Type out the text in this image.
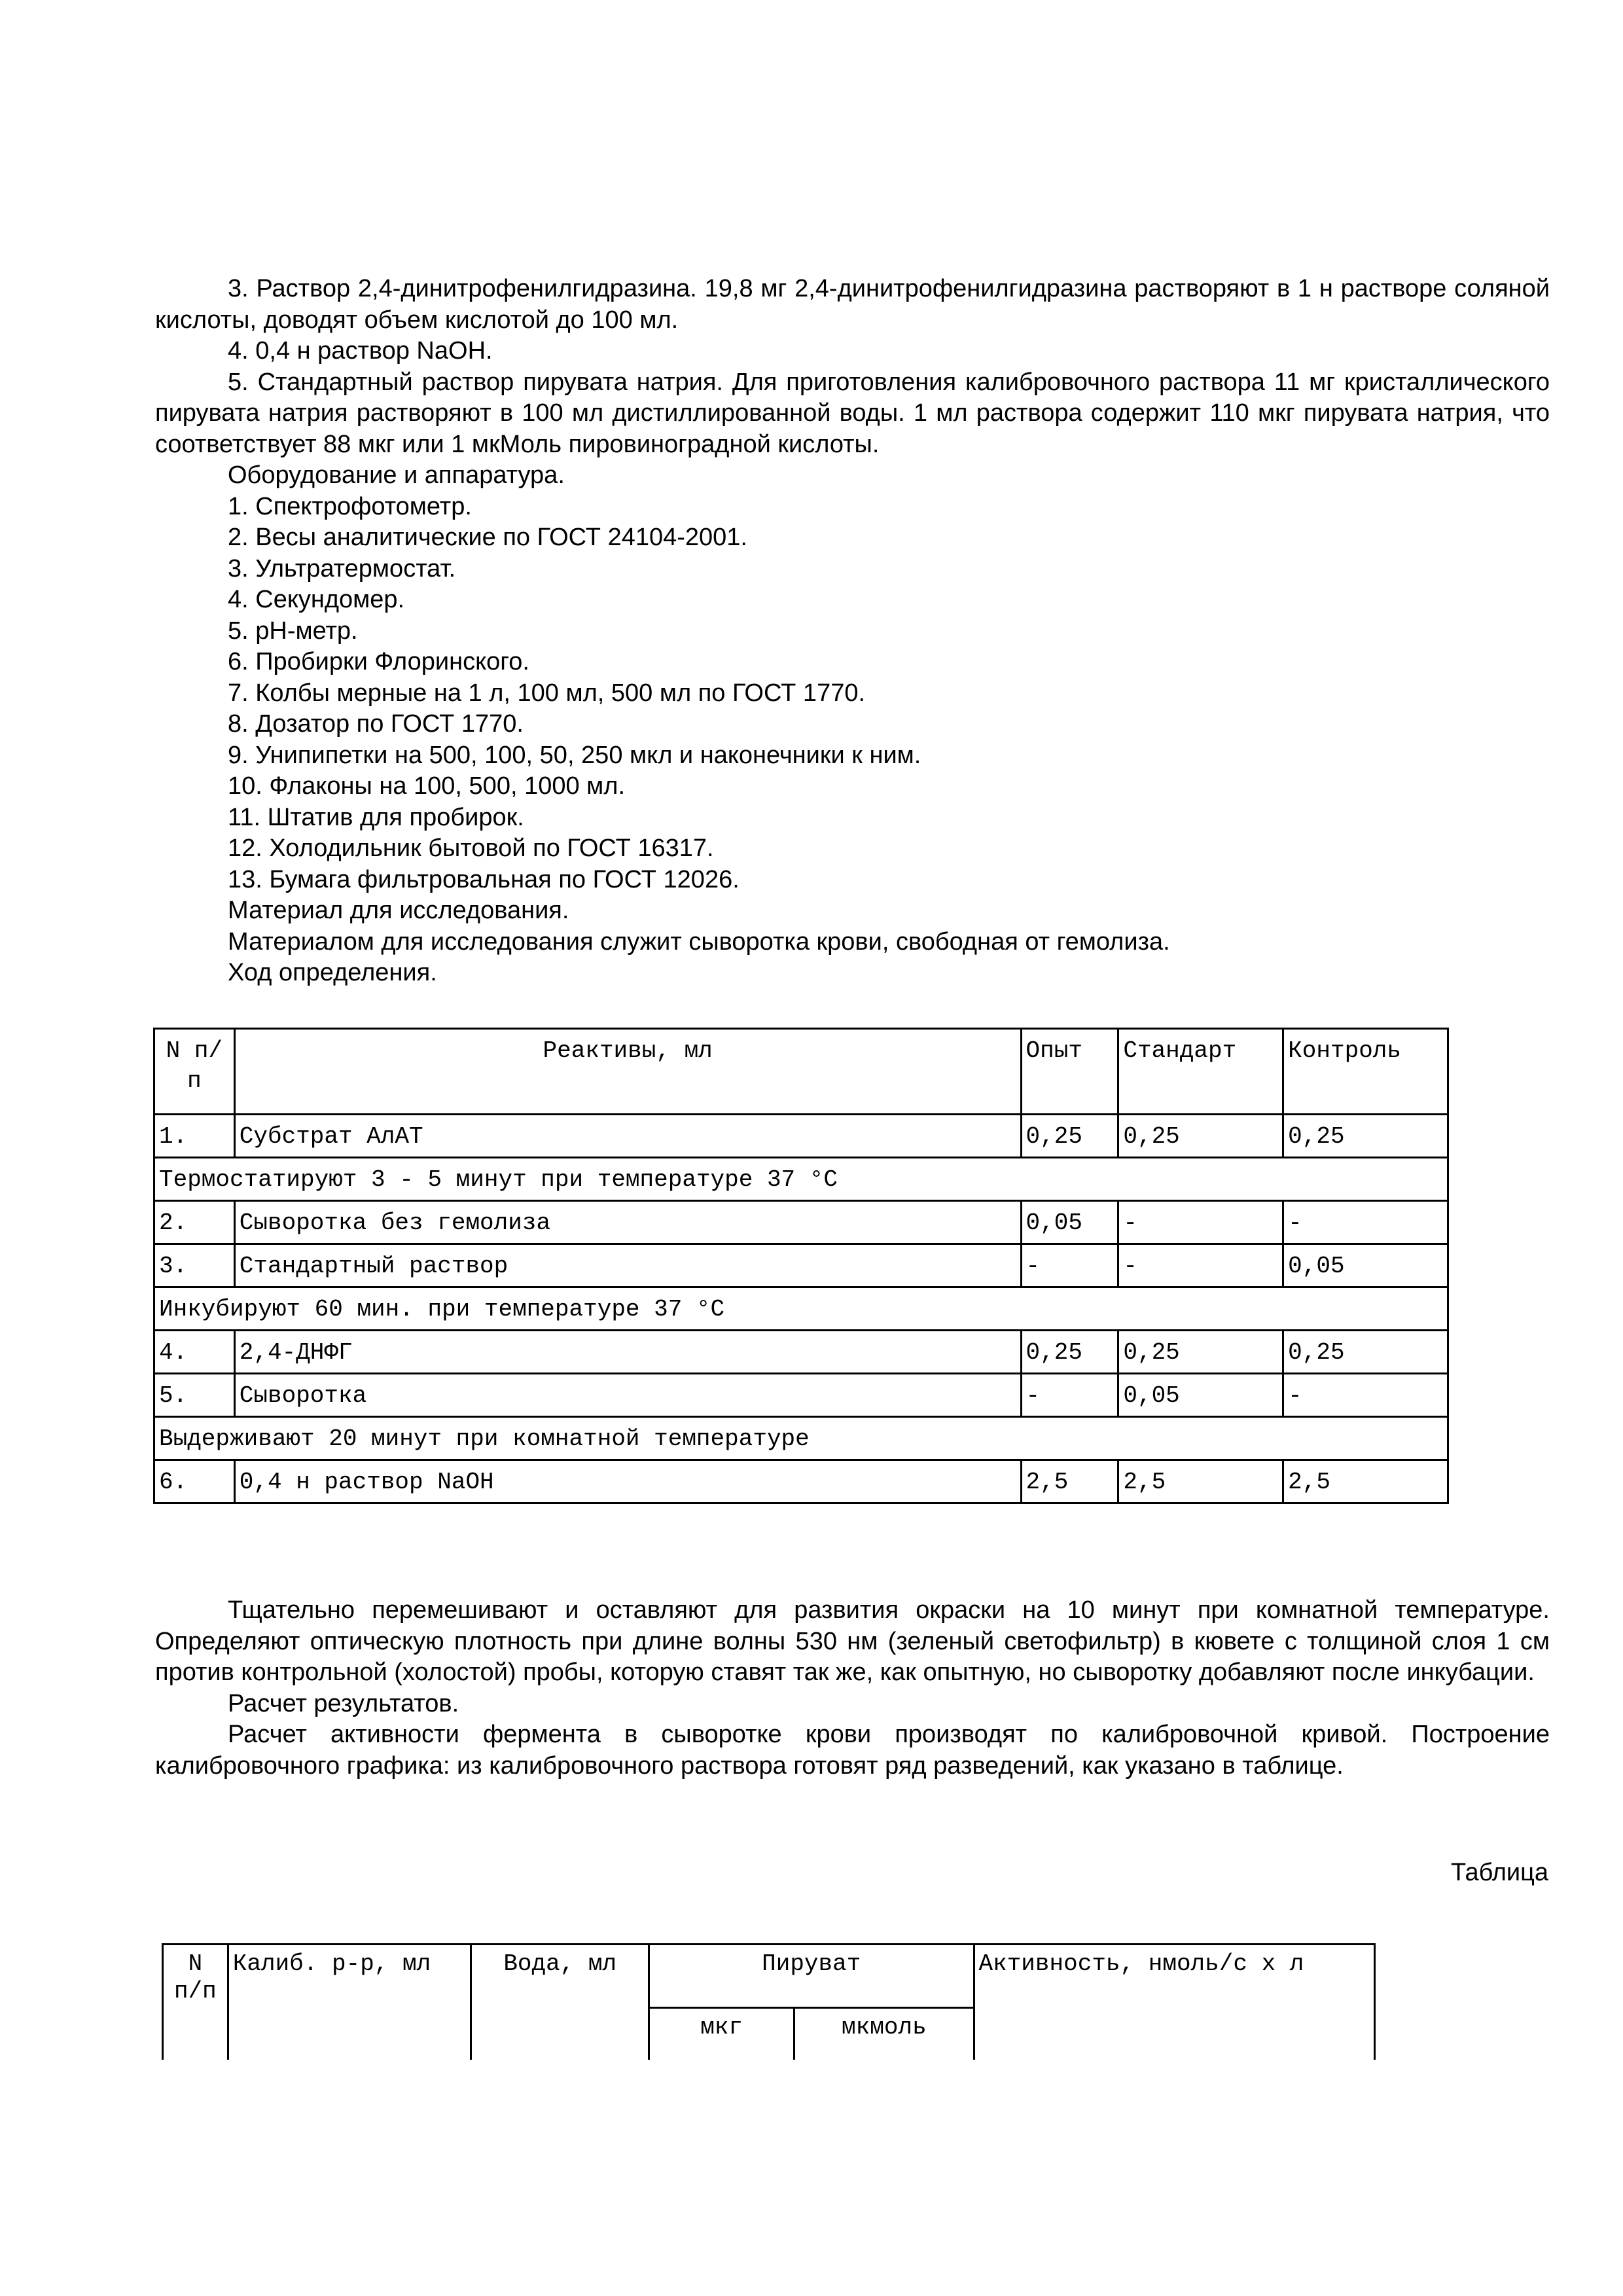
3. Раствор 2,4-динитрофенилгидразина. 19,8 мг 2,4-динитрофенилгидразина растворяют в 1 н растворе соляной кислоты, доводят объем кислотой до 100 мл.

4. 0,4 н раствор NaOH.

5. Стандартный раствор пирувата натрия. Для приготовления калибровочного раствора 11 мг кристаллического пирувата натрия растворяют в 100 мл дистиллированной воды. 1 мл раствора содержит 110 мкг пирувата натрия, что соответствует 88 мкг или 1 мкМоль пировиноградной кислоты.

Оборудование и аппаратура.

1. Спектрофотометр.

2. Весы аналитические по ГОСТ 24104-2001.

3. Ультратермостат.

4. Секундомер.

5. рН-метр.

6. Пробирки Флоринского.

7. Колбы мерные на 1 л, 100 мл, 500 мл по ГОСТ 1770.

8. Дозатор по ГОСТ 1770.

9. Унипипетки на 500, 100, 50, 250 мкл и наконечники к ним.

10. Флаконы на 100, 500, 1000 мл.

11. Штатив для пробирок.

12. Холодильник бытовой по ГОСТ 16317.

13. Бумага фильтровальная по ГОСТ 12026.

Материал для исследования.

Материалом для исследования служит сыворотка крови, свободная от гемолиза.

Ход определения.

N п/п	Реактивы, мл	Опыт	Стандарт	Контроль
1.	Субстрат АлАТ	0,25	0,25	0,25
Термостатируют 3 - 5 минут при температуре 37 °С				
2.	Сыворотка без гемолиза	0,05	-	-
3.	Стандартный раствор	-	-	0,05
Инкубируют 60 мин. при температуре 37 °С				
4.	2,4-ДНФГ	0,25	0,25	0,25
5.	Сыворотка	-	0,05	-
Выдерживают 20 минут при комнатной температуре				
6.	0,4 н раствор NaOH	2,5	2,5	2,5

Тщательно перемешивают и оставляют для развития окраски на 10 минут при комнатной температуре. Определяют оптическую плотность при длине волны 530 нм (зеленый светофильтр) в кювете с толщиной слоя 1 см против контрольной (холостой) пробы, которую ставят так же, как опытную, но сыворотку добавляют после инкубации.

Расчет результатов.

Расчет активности фермента в сыворотке крови производят по калибровочной кривой. Построение калибровочного графика: из калибровочного раствора готовят ряд разведений, как указано в таблице.

Таблица
N п/п	Калиб. р-р, мл	Вода, мл	Пируват		Активность, нмоль/с х л
			мкг	мкмоль	
